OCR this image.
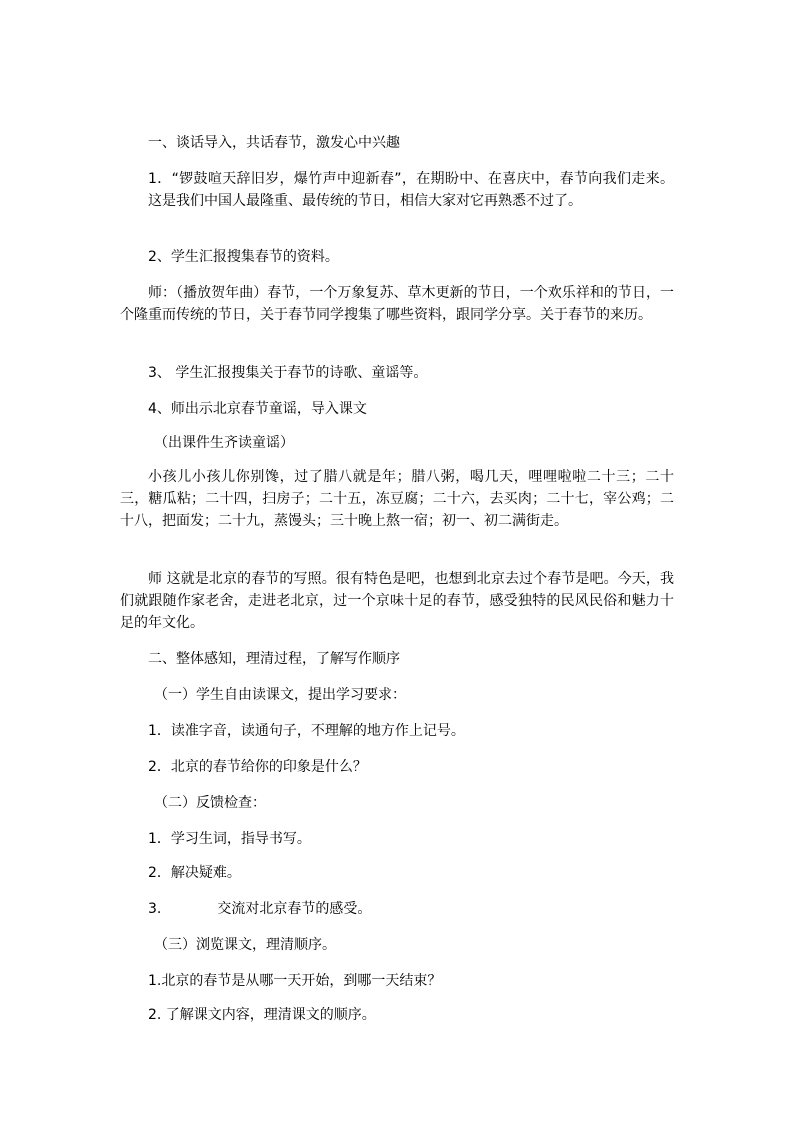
一、谈话导入，共话春节，激发心中兴趣
1．“锣鼓喧天辞旧岁，爆竹声中迎新春”，在期盼中、在喜庆中，春节向我们走来。这是我们中国人最隆重、最传统的节日，相信大家对它再熟悉不过了。
2、学生汇报搜集春节的资料。
师：（播放贺年曲）春节，一个万象复苏、草木更新的节日，一个欢乐祥和的节日，一个隆重而传统的节日，关于春节同学搜集了哪些资料，跟同学分享。关于春节的来历。
3、 学生汇报搜集关于春节的诗歌、童谣等。
4、师出示北京春节童谣，导入课文
（出课件生齐读童谣）
小孩儿小孩儿你别馋，过了腊八就是年；腊八粥，喝几天，哩哩啦啦二十三；二十三，糖瓜粘；二十四，扫房子；二十五，冻豆腐；二十六，去买肉；二十七，宰公鸡；二十八，把面发；二十九，蒸馒头；三十晚上熬一宿；初一、初二满街走。
师 这就是北京的春节的写照。很有特色是吧，也想到北京去过个春节是吧。今天，我们就跟随作家老舍，走进老北京，过一个京味十足的春节，感受独特的民风民俗和魅力十足的年文化。
二、整体感知，理清过程，了解写作顺序
（一）学生自由读课文，提出学习要求：
1．读准字音，读通句子，不理解的地方作上记号。
2．北京的春节给你的印象是什么？
（二）反馈检查：
1．学习生词，指导书写。
2．解决疑难。
3.	交流对北京春节的感受。
（三）浏览课文，理清顺序。
1.北京的春节是从哪一天开始，到哪一天结束？
2. 了解课文内容，理清课文的顺序。
